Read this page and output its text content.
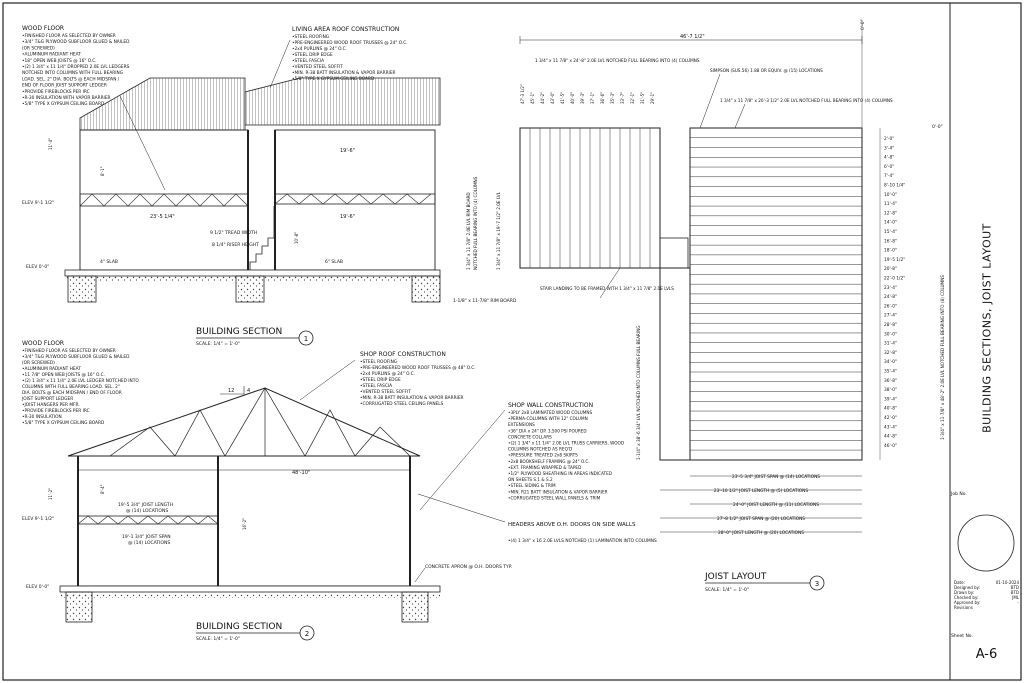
BUILDING SECTION
1
SCALE: 1/4" = 1'-0"
WOOD FLOOR
•FINISHED FLOOR AS SELECTED BY OWNER
•3/4" T&G PLYWOOD SUBFLOOR GLUED & NAILED
(OR SCREWED)
•ALUMINUM RADIANT HEAT
•18" OPEN WEB JOISTS @ 16" O.C.
•(2) 1 3/4" x 11 1/4" DROPPED 2.0E LVL LEDGERS
NOTCHED INTO COLUMNS WITH FULL BEARING
LOAD. SEL. 2" DIA. BOLTS @ EACH MIDSPAN /
END OF FLOOR JOIST SUPPORT LEDGER
•PROVIDE FIREBLOCKS PER IRC
•R-30 INSULATION WITH VAPOR BARRIER
•5/8" TYPE X GYPSUM CEILING BOARD
LIVING AREA ROOF CONSTRUCTION
•STEEL ROOFING
•PRE-ENGINEERED WOOD ROOF TRUSSES @ 24" O.C.
•2x4 PURLINS @ 24" O.C.
•STEEL DRIP EDGE
•STEEL FASCIA
•VENTED STEEL SOFFIT
•MIN. R-38 BATT INSULATION & VAPOR BARRIER
•5/8" TYPE X GYPSUM CEILING BOARD
23'-5 1/4"
19'-6"
19'-6"
9 1/2" TREAD WIDTH
8 1/4" RISER HEIGHT
4" SLAB	6" SLAB
ELEV 9'-1 1/2"
ELEV 0'-0"
11'-4"
8'-1"
10'-8"
BUILDING SECTION
2
SCALE: 1/4" = 1'-0"
WOOD FLOOR
•FINISHED FLOOR AS SELECTED BY OWNER
•3/4" T&G PLYWOOD SUBFLOOR GLUED & NAILED
(OR SCREWED)
•ALUMINUM RADIANT HEAT
•11 7/8" OPEN WEB JOISTS @ 16" O.C.
•(2) 1 3/4" x 11 1/4" 2.0E LVL LEDGER NOTCHED INTO
COLUMNS WITH FULL BEARING LOAD. SEL. 2"
DIA. BOLTS @ EACH MIDSPAN / END OF FLOOR
JOIST SUPPORT LEDGER
•JOIST HANGERS PER MFR.
•PROVIDE FIREBLOCKS PER IRC
•R-30 INSULATION
•5/8" TYPE X GYPSUM CEILING BOARD
SHOP ROOF CONSTRUCTION
•STEEL ROOFING
•PRE-ENGINEERED WOOD ROOF TRUSSES @ 48" O.C.
•2x4 PURLINS @ 24" O.C.
•STEEL DRIP EDGE
•STEEL FASCIA
•VENTED STEEL SOFFIT
•MIN. R-38 BATT INSULATION & VAPOR BARRIER
•CORRUGATED STEEL CEILING PANELS	SHOP WALL CONSTRUCTION
•3PLY 2x8 LAMINATED WOOD COLUMNS
•PERMA-COLUMNS WITH 12" COLUMN
EXTENSIONS
•36" DIA x 24" DP. 3,500 PSI POURED
CONCRETE COLLARS
•(2) 1 3/4" x 11 1/4" 2.0E LVL TRUSS CARRIERS, WOOD
COLUMNS NOTCHED AS REQ'D
•PRESSURE TREATED 2x8 SKIRTS
•2x8 BOOKSHELF FRAMING @ 24" O.C.
•EXT. FRAMING WRAPPED & TAPED
•1/2" PLYWOOD SHEATHING IN AREAS INDICATED
ON SHEETS S.1 & S.2
•STEEL SIDING & TRIM
•MIN. R21 BATT INSULATION & VAPOR BARRIER
•CORRUGATED STEEL WALL PANELS & TRIM
HEADERS ABOVE O.H. DOORS ON SIDE WALLS
•(4) 1 3/4" x 16 2.0E LVLS NOTCHED (1) LAMINATION INTO COLUMNS
CONCRETE APRON @ O.H. DOORS TYP.
12	4
48'-10"
19'-5 3/4" JOIST LENGTH
@ (14) LOCATIONS
19'-1 3/4" JOIST SPAN
@ (14) LOCATIONS
ELEV 9'-1 1/2"
ELEV 0'-0"
16'-2"
11'-2"	8'-4"
JOIST LAYOUT
3
SCALE: 1/4" = 1'-0"
46'-7 1/2"
0'-0"
0'-0"
1 3/4" x 11 7/8" x 24'-8" 2.0E LVL NOTCHED FULL BEARING INTO (4) COLUMNS
SIMPSON (SUS.56) 1.88 OR EQUIV. @ (15) LOCATIONS
1 3/4" x 11 7/8" x 20'-3 1/2" 2.0E LVL NOTCHED FULL BEARING INTO (4) COLUMNS
1 3/4" x 11 7/8" 2.0E LVL RIM BOARD NOTCHED FULL BEARING INTO (4) COLUMNS	1 3/4" x 11 7/8" x 19'-7 1/2" 2.0E LVL
1-1/8" x 11-7/8" RIM BOARD
STAIR LANDING TO BE FRAMED WITH 1 3/4" x 11 7/8" 2.0E LVLS	1-3/4" x 11-7/8" x 48'-2" 2.0E LVL NOTCHED FULL BEARING INTO (8) COLUMNS
1-1/4" x 38'-6 3/4" LVL NOTCHED INTO COLUMNS FULL BEARING
47'-3 1/2" 45'-1" 44'-2" 43'-0" 41'-5" 40'-0" 39'-3" 37'-1" 36'-6" 35'-3" 33'-7" 32'-1" 31'-5" 29'-1"
2'-0"
3'-4"
4'-8"
6'-0"
7'-4"
8'-10 1/4"
10'-0"
11'-4"
12'-8"
14'-0"
15'-4"
16'-8"
18'-0"
19'-5 1/2"
20'-8"
22'-0 1/2"
23'-4"
24'-8"
26'-0"
27'-4"
28'-8"
30'-0"
31'-4"
32'-8"
34'-0"
35'-4"
36'-8"
38'-0"
39'-4"
40'-8"
42'-0"
43'-4"
44'-8"
46'-0"
23'-5 3/4" JOIST SPAN @ (14) LOCATIONS
23'-10 1/2" JOIST LENGTH @ (5) LOCATIONS
24'-0" JOIST LENGTH @ (11) LOCATIONS
27'-8 1/2" JOIST SPAN @ (20) LOCATIONS
28'-0" JOIST LENGTH @ (20) LOCATIONS
BUILDING SECTIONS, JOIST LAYOUT
Job No.
Date:	01-10-2024
Designed by:	BTD
Drawn by:	BTD
Checked by:	JML
Approved by:	-
Revisions
Sheet No.
A-6
